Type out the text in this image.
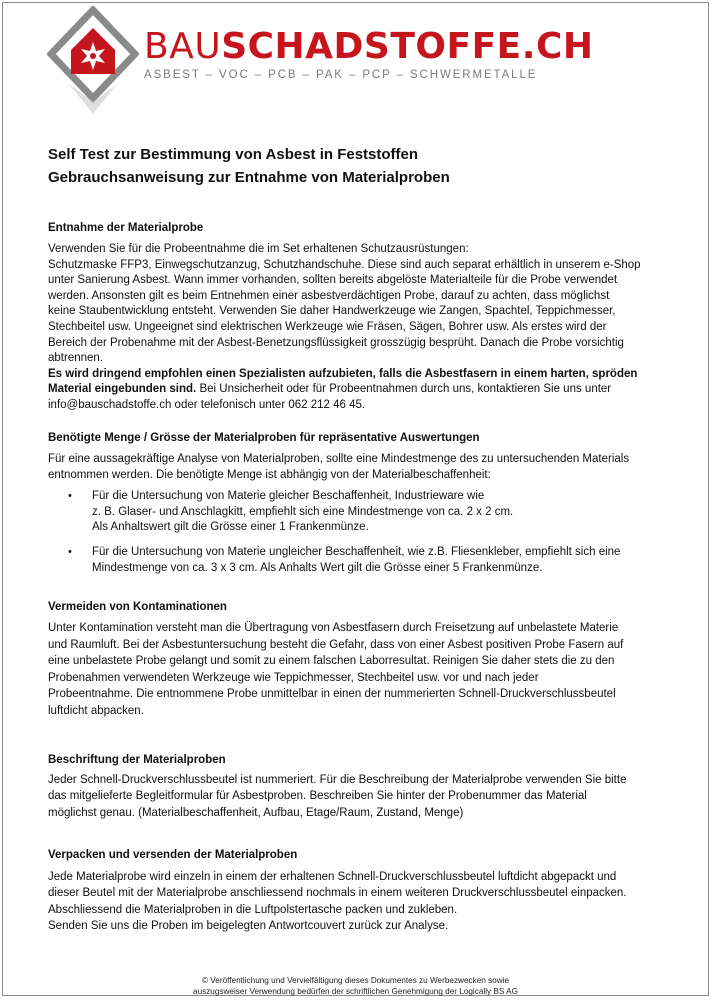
BAUSCHADSTOFFE.CH
ASBEST – VOC – PCB – PAK – PCP – SCHWERMETALLE
Self Test zur Bestimmung von Asbest in Feststoffen
Gebrauchsanweisung zur Entnahme von Materialproben
Entnahme der Materialprobe

Verwenden Sie für die Probeentnahme die im Set erhaltenen Schutzausrüstungen:

Schutzmaske FFP3, Einwegschutzanzug, Schutzhandschuhe. Diese sind auch separat erhältlich in unserem e-Shop

unter Sanierung Asbest. Wann immer vorhanden, sollten bereits abgelöste Materialteile für die Probe verwendet

werden. Ansonsten gilt es beim Entnehmen einer asbestverdächtigen Probe, darauf zu achten, dass möglichst

keine Staubentwicklung entsteht. Verwenden Sie daher Handwerkzeuge wie Zangen, Spachtel, Teppichmesser,

Stechbeitel usw. Ungeeignet sind elektrischen Werkzeuge wie Fräsen, Sägen, Bohrer usw. Als erstes wird der

Bereich der Probenahme mit der Asbest-Benetzungsflüssigkeit grosszügig besprüht. Danach die Probe vorsichtig

abtrennen.

Es wird dringend empfohlen einen Spezialisten aufzubieten, falls die Asbestfasern in einem harten, spröden

Material eingebunden sind. Bei Unsicherheit oder für Probeentnahmen durch uns, kontaktieren Sie uns unter

info@bauschadstoffe.ch oder telefonisch unter 062 212 46 45.

Benötigte Menge / Grösse der Materialproben für repräsentative Auswertungen

Für eine aussagekräftige Analyse von Materialproben, sollte eine Mindestmenge des zu untersuchenden Materials

entnommen werden. Die benötigte Menge ist abhängig von der Materialbeschaffenheit:

• Für die Untersuchung von Materie gleicher Beschaffenheit, Industrieware wie
z. B. Glaser- und Anschlagkitt, empfiehlt sich eine Mindestmenge von ca. 2 x 2 cm.
Als Anhaltswert gilt die Grösse einer 1 Frankenmünze.
• Für die Untersuchung von Materie ungleicher Beschaffenheit, wie z.B. Fliesenkleber, empfiehlt sich eine
Mindestmenge von ca. 3 x 3 cm. Als Anhalts Wert gilt die Grösse einer 5 Frankenmünze.
Vermeiden von Kontaminationen

Unter Kontamination versteht man die Übertragung von Asbestfasern durch Freisetzung auf unbelastete Materie

und Raumluft. Bei der Asbestuntersuchung besteht die Gefahr, dass von einer Asbest positiven Probe Fasern auf

eine unbelastete Probe gelangt und somit zu einem falschen Laborresultat. Reinigen Sie daher stets die zu den

Probenahmen verwendeten Werkzeuge wie Teppichmesser, Stechbeitel usw. vor und nach jeder

Probeentnahme. Die entnommene Probe unmittelbar in einen der nummerierten Schnell-Druckverschlussbeutel

luftdicht abpacken.

Beschriftung der Materialproben

Jeder Schnell-Druckverschlussbeutel ist nummeriert. Für die Beschreibung der Materialprobe verwenden Sie bitte

das mitgelieferte Begleitformular für Asbestproben. Beschreiben Sie hinter der Probenummer das Material

möglichst genau. (Materialbeschaffenheit, Aufbau, Etage/Raum, Zustand, Menge)

Verpacken und versenden der Materialproben

Jede Materialprobe wird einzeln in einem der erhaltenen Schnell-Druckverschlussbeutel luftdicht abgepackt und

dieser Beutel mit der Materialprobe anschliessend nochmals in einem weiteren Druckverschlussbeutel einpacken.

Abschliessend die Materialproben in die Luftpolstertasche packen und zukleben.

Senden Sie uns die Proben im beigelegten Antwortcouvert zurück zur Analyse.

© Veröffentlichung und Vervielfältigung dieses Dokumentes zu Werbezwecken sowie
auszugsweiser Verwendung bedürfen der schriftlichen Genehmigung der Logically BS AG
